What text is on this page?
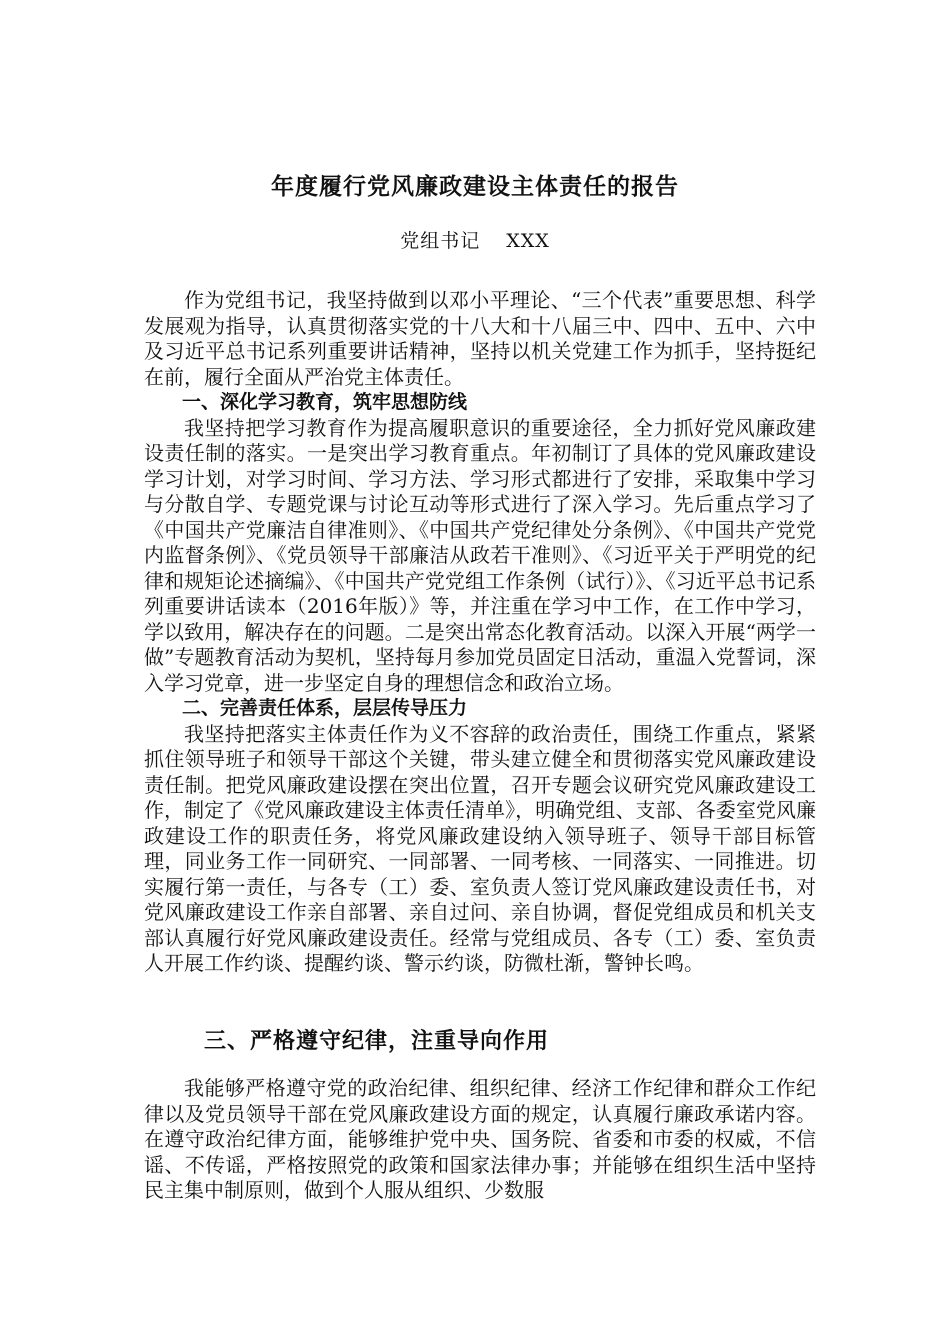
年度履行党风廉政建设主体责任的报告

党组书记 XXX

作为党组书记，我坚持做到以邓小平理论、“三个代表”重要思想、科学发展观为指导，认真贯彻落实党的十八大和十八届三中、四中、五中、六中及习近平总书记系列重要讲话精神，坚持以机关党建工作为抓手，坚持挺纪在前，履行全面从严治党主体责任。

一、深化学习教育，筑牢思想防线

我坚持把学习教育作为提高履职意识的重要途径，全力抓好党风廉政建设责任制的落实。一是突出学习教育重点。年初制订了具体的党风廉政建设学习计划，对学习时间、学习方法、学习形式都进行了安排，采取集中学习与分散自学、专题党课与讨论互动等形式进行了深入学习。先后重点学习了《中国共产党廉洁自律准则》、《中国共产党纪律处分条例》、《中国共产党党内监督条例》、《党员领导干部廉洁从政若干准则》、《习近平关于严明党的纪律和规矩论述摘编》、《中国共产党党组工作条例（试行）》、《习近平总书记系列重要讲话读本（2016年版）》等，并注重在学习中工作，在工作中学习，学以致用，解决存在的问题。二是突出常态化教育活动。以深入开展“两学一做”专题教育活动为契机，坚持每月参加党员固定日活动，重温入党誓词，深入学习党章，进一步坚定自身的理想信念和政治立场。

二、完善责任体系，层层传导压力

我坚持把落实主体责任作为义不容辞的政治责任，围绕工作重点，紧紧抓住领导班子和领导干部这个关键，带头建立健全和贯彻落实党风廉政建设责任制。把党风廉政建设摆在突出位置，召开专题会议研究党风廉政建设工作，制定了《党风廉政建设主体责任清单》，明确党组、支部、各委室党风廉政建设工作的职责任务，将党风廉政建设纳入领导班子、领导干部目标管理，同业务工作一同研究、一同部署、一同考核、一同落实、一同推进。切实履行第一责任，与各专（工）委、室负责人签订党风廉政建设责任书，对党风廉政建设工作亲自部署、亲自过问、亲自协调，督促党组成员和机关支部认真履行好党风廉政建设责任。经常与党组成员、各专（工）委、室负责人开展工作约谈、提醒约谈、警示约谈，防微杜渐，警钟长鸣。

三、严格遵守纪律，注重导向作用

我能够严格遵守党的政治纪律、组织纪律、经济工作纪律和群众工作纪律以及党员领导干部在党风廉政建设方面的规定，认真履行廉政承诺内容。在遵守政治纪律方面，能够维护党中央、国务院、省委和市委的权威，不信谣、不传谣，严格按照党的政策和国家法律办事；并能够在组织生活中坚持民主集中制原则，做到个人服从组织、少数服
